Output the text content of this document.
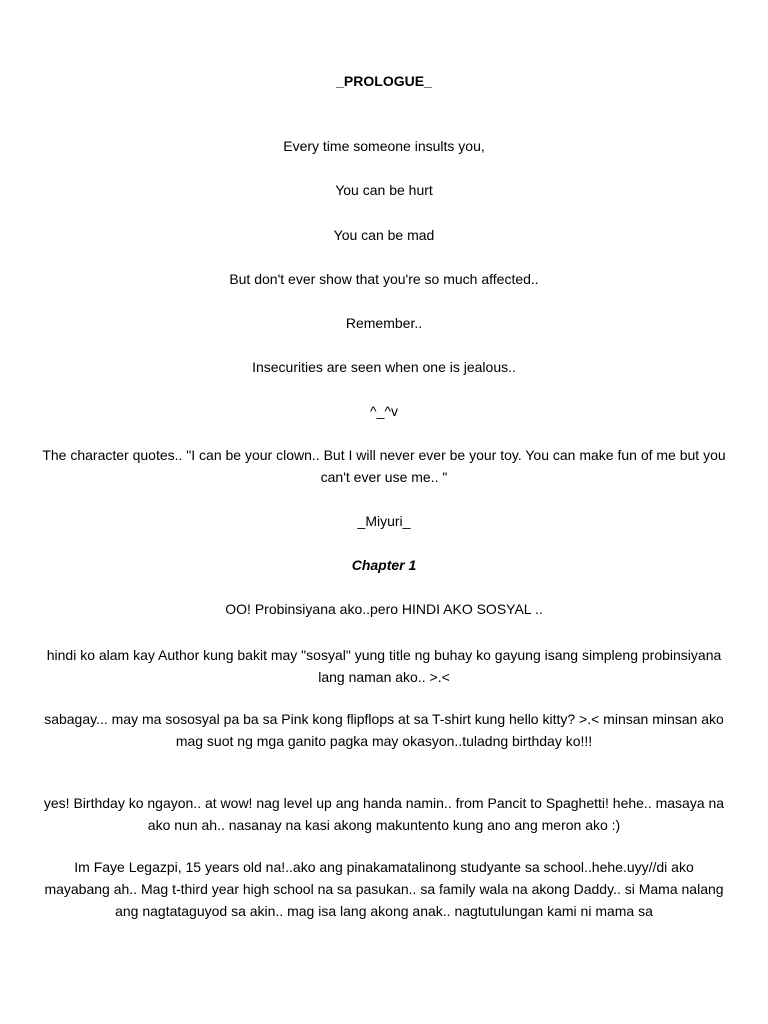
_PROLOGUE_
Every time someone insults you,
You can be hurt
You can be mad
But don't ever show that you're so much affected..
Remember..
Insecurities are seen when one is jealous..
^_^v
The character quotes.. "I can be your clown.. But I will never ever be your toy. You can make fun of me but you can't ever use me.. "
_Miyuri_
Chapter 1
OO! Probinsiyana ako..pero HINDI AKO SOSYAL ..
hindi ko alam kay Author kung bakit may "sosyal" yung title ng buhay ko gayung isang simpleng probinsiyana lang naman ako.. >.<
sabagay... may ma sososyal pa ba sa Pink kong flipflops at sa T-shirt kung hello kitty? >.< minsan minsan ako mag suot ng mga ganito pagka may okasyon..tuladng birthday ko!!!
yes! Birthday ko ngayon.. at wow! nag level up ang handa namin.. from Pancit to Spaghetti! hehe.. masaya na ako nun ah.. nasanay na kasi akong makuntento kung ano ang meron ako :)
Im Faye Legazpi, 15 years old na!..ako ang pinakamatalinong studyante sa school..hehe.uyy//di ako mayabang ah.. Mag t-third year high school na sa pasukan.. sa family wala na akong Daddy.. si Mama nalang ang nagtataguyod sa akin.. mag isa lang akong anak.. nagtutulungan kami ni mama sa
